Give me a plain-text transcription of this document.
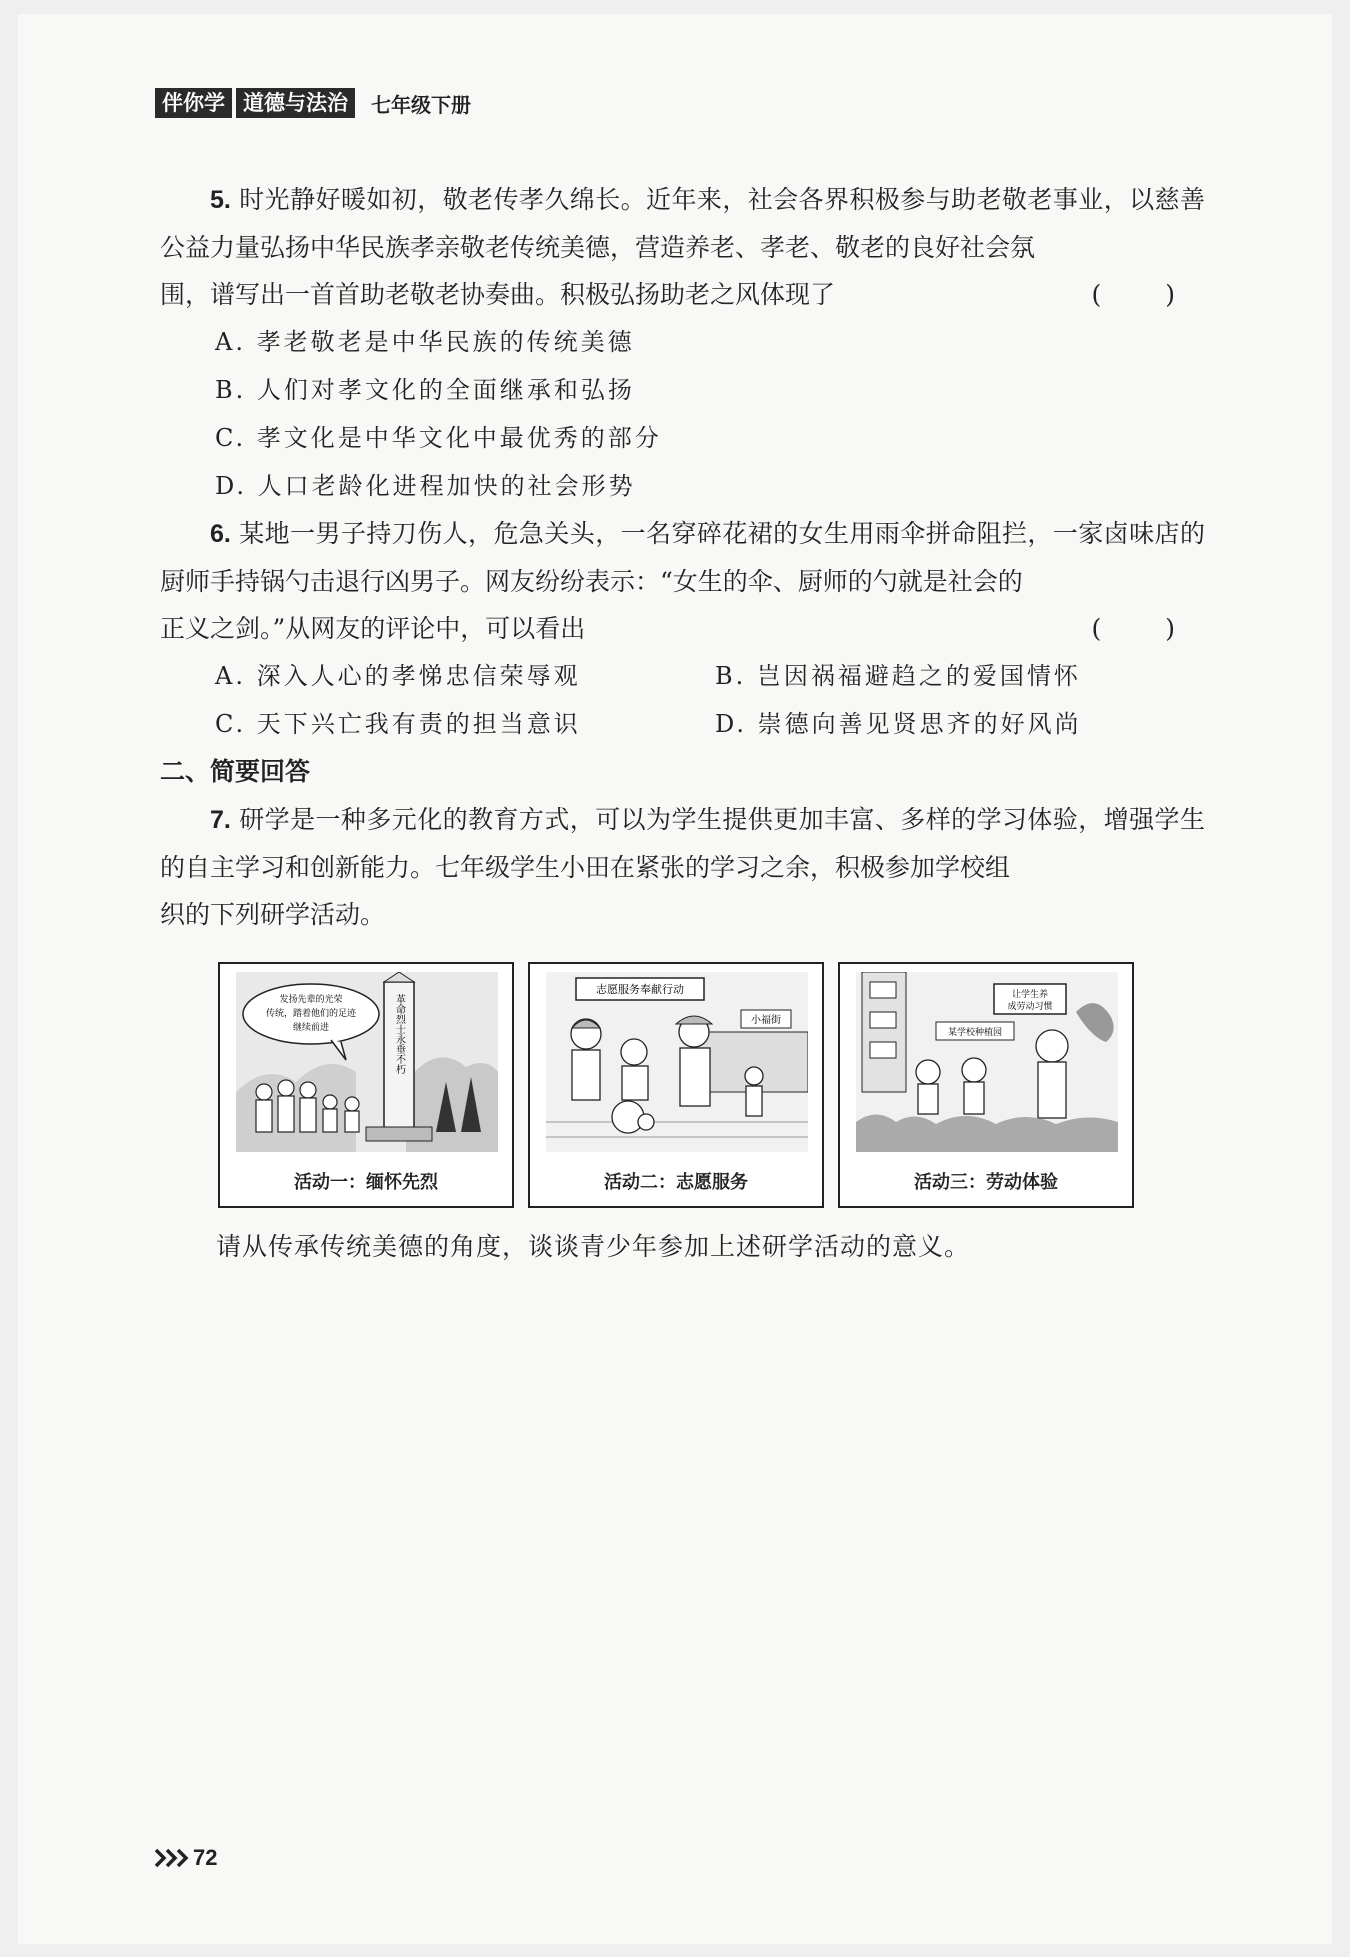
伴你学 道德与法治	七年级下册

5. 时光静好暖如初，敬老传孝久绵长。近年来，社会各界积极参与助老敬老事业，以慈善公益力量弘扬中华民族孝亲敬老传统美德，营造养老、孝老、敬老的良好社会氛

围，谱写出一首首助老敬老协奏曲。积极弘扬助老之风体现了	( )
A. 孝老敬老是中华民族的传统美德
B. 人们对孝文化的全面继承和弘扬
C. 孝文化是中华文化中最优秀的部分
D. 人口老龄化进程加快的社会形势

6. 某地一男子持刀伤人，危急关头，一名穿碎花裙的女生用雨伞拼命阻拦，一家卤味店的厨师手持锅勺击退行凶男子。网友纷纷表示：“女生的伞、厨师的勺就是社会的

正义之剑。”从网友的评论中，可以看出	( )
A. 深入人心的孝悌忠信荣辱观	B. 岂因祸福避趋之的爱国情怀
C. 天下兴亡我有责的担当意识	D. 崇德向善见贤思齐的好风尚
二、简要回答

7. 研学是一种多元化的教育方式，可以为学生提供更加丰富、多样的学习体验，增强学生的自主学习和创新能力。七年级学生小田在紧张的学习之余，积极参加学校组

织的下列研学活动。
发扬先辈的光荣
传统，踏着他们的足迹
继续前进	革命烈士永垂不朽
活动一：缅怀先烈
志愿服务奉献行动
小福街
活动二：志愿服务
让学生养
成劳动习惯
某学校种植园
活动三：劳动体验
请从传承传统美德的角度，谈谈青少年参加上述研学活动的意义。
72
